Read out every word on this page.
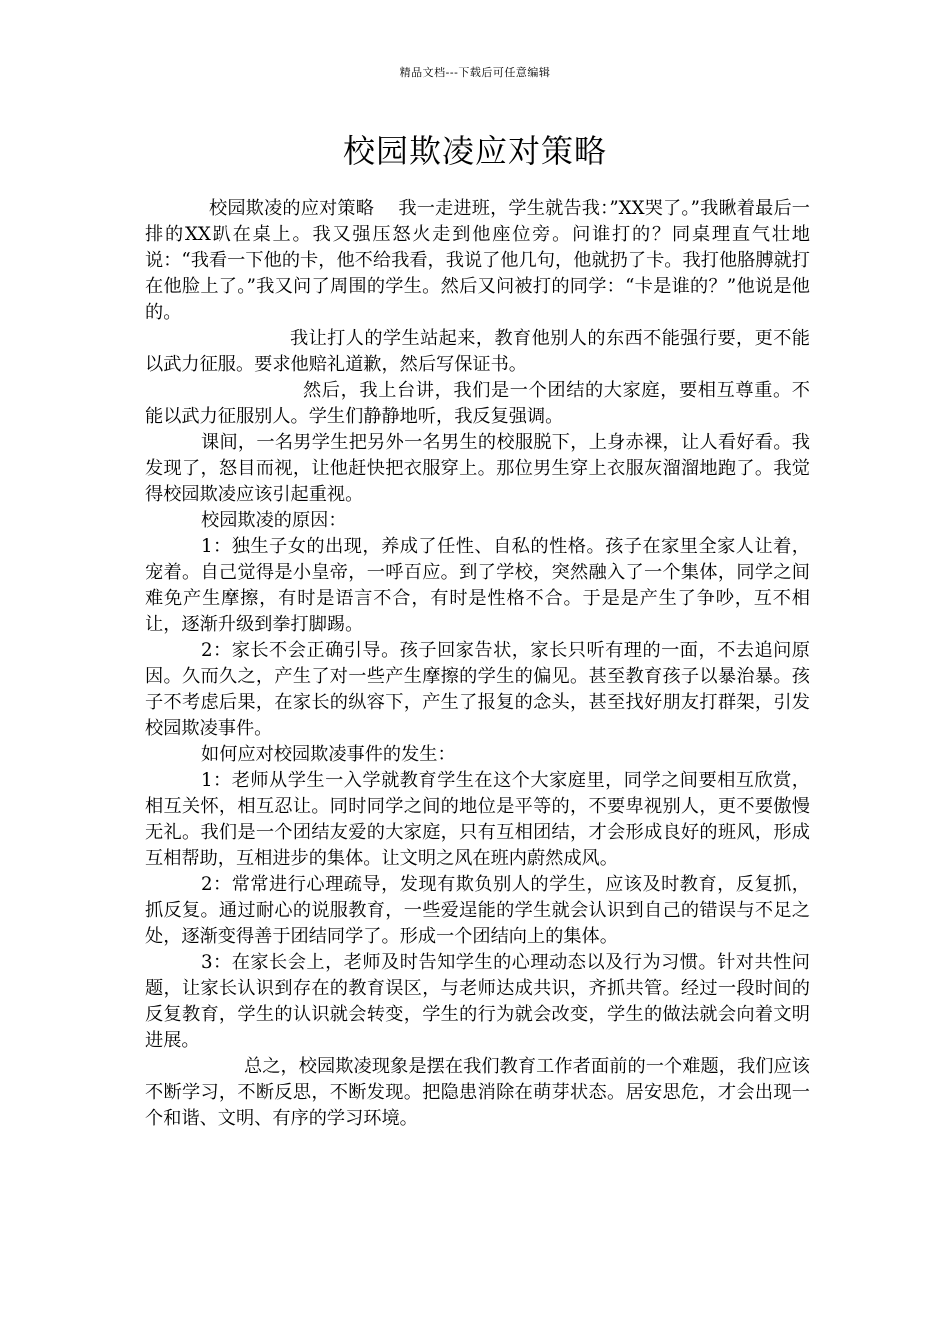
精品文档---下载后可任意编辑
校园欺凌应对策略

校园欺凌的应对策略　 我一走进班，学生就告我：”XX哭了。”我瞅着最后一排的XX趴在桌上。我又强压怒火走到他座位旁。问谁打的？同桌理直气壮地说：“我看一下他的卡，他不给我看，我说了他几句，他就扔了卡。我打他胳膊就打在他脸上了。”我又问了周围的学生。然后又问被打的同学：“卡是谁的？”他说是他的。

我让打人的学生站起来，教育他别人的东西不能强行要，更不能以武力征服。要求他赔礼道歉，然后写保证书。

然后，我上台讲，我们是一个团结的大家庭，要相互尊重。不能以武力征服别人。学生们静静地听，我反复强调。

课间，一名男学生把另外一名男生的校服脱下，上身赤裸，让人看好看。我发现了，怒目而视，让他赶快把衣服穿上。那位男生穿上衣服灰溜溜地跑了。我觉得校园欺凌应该引起重视。

校园欺凌的原因：

1：独生子女的出现，养成了任性、自私的性格。孩子在家里全家人让着，宠着。自己觉得是小皇帝，一呼百应。到了学校，突然融入了一个集体，同学之间难免产生摩擦，有时是语言不合，有时是性格不合。于是是产生了争吵，互不相让，逐渐升级到拳打脚踢。

2：家长不会正确引导。孩子回家告状，家长只听有理的一面，不去追问原因。久而久之，产生了对一些产生摩擦的学生的偏见。甚至教育孩子以暴治暴。孩子不考虑后果，在家长的纵容下，产生了报复的念头，甚至找好朋友打群架，引发校园欺凌事件。

如何应对校园欺凌事件的发生：

1：老师从学生一入学就教育学生在这个大家庭里，同学之间要相互欣赏，相互关怀，相互忍让。同时同学之间的地位是平等的，不要卑视别人，更不要傲慢无礼。我们是一个团结友爱的大家庭，只有互相团结，才会形成良好的班风，形成互相帮助，互相进步的集体。让文明之风在班内蔚然成风。

2：常常进行心理疏导，发现有欺负别人的学生，应该及时教育，反复抓，抓反复。通过耐心的说服教育，一些爱逞能的学生就会认识到自己的错误与不足之处，逐渐变得善于团结同学了。形成一个团结向上的集体。

3：在家长会上，老师及时告知学生的心理动态以及行为习惯。针对共性问题，让家长认识到存在的教育误区，与老师达成共识，齐抓共管。经过一段时间的反复教育，学生的认识就会转变，学生的行为就会改变，学生的做法就会向着文明进展。

总之，校园欺凌现象是摆在我们教育工作者面前的一个难题，我们应该不断学习，不断反思，不断发现。把隐患消除在萌芽状态。居安思危，才会出现一个和谐、文明、有序的学习环境。
